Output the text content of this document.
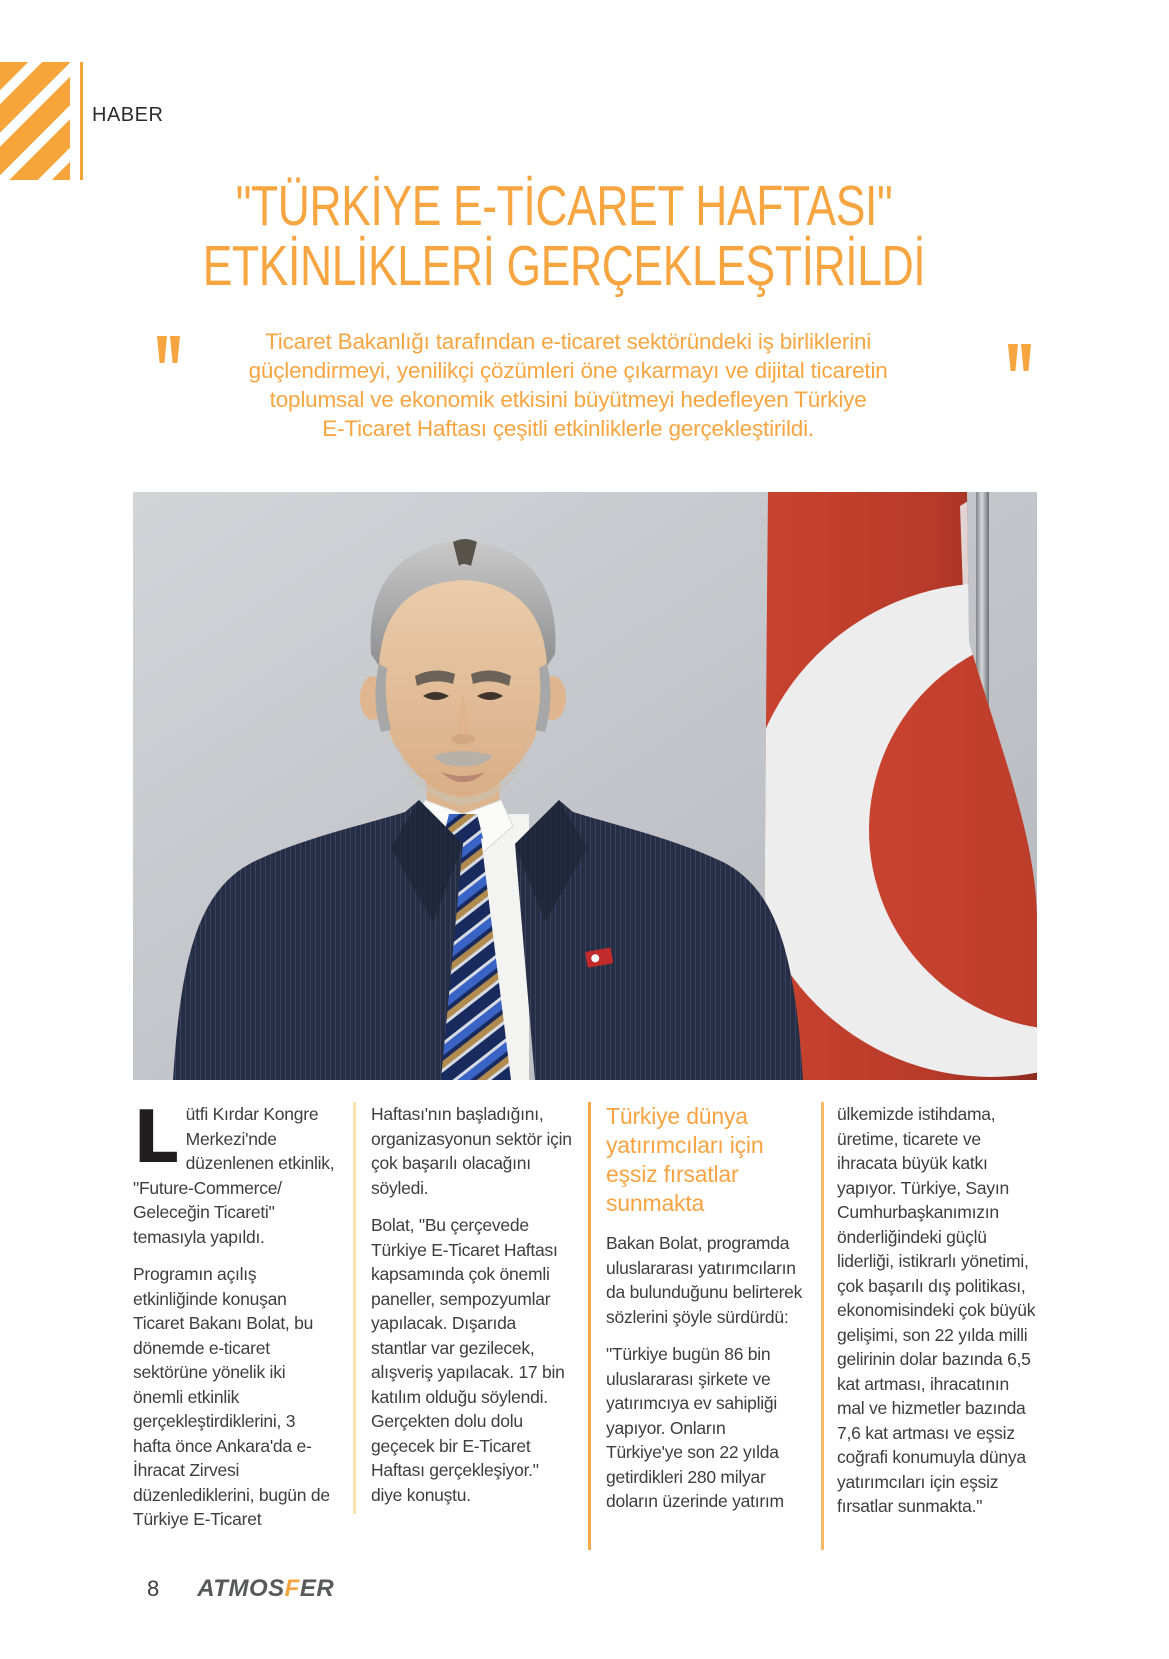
HABER
"TÜRKİYE E-TİCARET HAFTASI"
ETKİNLİKLERİ GERÇEKLEŞTİRİLDİ
Ticaret Bakanlığı tarafından e-ticaret sektöründeki iş birliklerini
güçlendirmeyi, yenilikçi çözümleri öne çıkarmayı ve dijital ticaretin
toplumsal ve ekonomik etkisini büyütmeyi hedefleyen Türkiye
E-Ticaret Haftası çeşitli etkinliklerle gerçekleştirildi.

Lütfi Kırdar Kongre Merkezi'nde düzenlenen etkinlik, "Future-Commerce/ Geleceğin Ticareti" temasıyla yapıldı.

Programın açılış etkinliğinde konuşan Ticaret Bakanı Bolat, bu dönemde e-ticaret sektörüne yönelik iki önemli etkinlik gerçekleştirdiklerini, 3 hafta önce Ankara'da e-İhracat Zirvesi düzenlediklerini, bugün de Türkiye E-Ticaret

Haftası'nın başladığını, organizasyonun sektör için çok başarılı olacağını söyledi.

Bolat, "Bu çerçevede Türkiye E-Ticaret Haftası kapsamında çok önemli paneller, sempozyumlar yapılacak. Dışarıda stantlar var gezilecek, alışveriş yapılacak. 17 bin katılım olduğu söylendi. Gerçekten dolu dolu geçecek bir E-Ticaret Haftası gerçekleşiyor." diye konuştu.

Türkiye dünya yatırımcıları için eşsiz fırsatlar sunmakta

Bakan Bolat, programda uluslararası yatırımcıların da bulunduğunu belirterek sözlerini şöyle sürdürdü:

"Türkiye bugün 86 bin uluslararası şirkete ve yatırımcıya ev sahipliği yapıyor. Onların Türkiye'ye son 22 yılda getirdikleri 280 milyar doların üzerinde yatırım

ülkemizde istihdama, üretime, ticarete ve ihracata büyük katkı yapıyor. Türkiye, Sayın Cumhurbaşkanımızın önderliğindeki güçlü liderliği, istikrarlı yönetimi, çok başarılı dış politikası, ekonomisindeki çok büyük gelişimi, son 22 yılda milli gelirinin dolar bazında 6,5 kat artması, ihracatının mal ve hizmetler bazında 7,6 kat artması ve eşsiz coğrafi konumuyla dünya yatırımcıları için eşsiz fırsatlar sunmakta."

8 ATMOSFER
